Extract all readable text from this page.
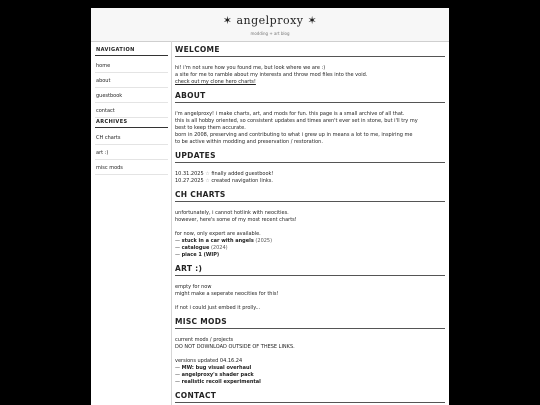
✶ angelproxy ✶
modding + art blog
NAVIGATION
home
about
guestbook
contact
ARCHIVES
CH charts
art :)
misc mods
WELCOME

hi! i'm not sure how you found me, but look where we are :)

a site for me to ramble about my interests and throw mod files into the void.

check out my clone hero charts!

ABOUT

i'm angelproxy! i make charts, art, and mods for fun. this page is a small archive of all that.

this is all hobby oriented, so consistent updates and times aren't ever set in stone, but i'll try my

best to keep them accurate.

born in 2008, preserving and contributing to what i grew up in means a lot to me, inspiring me

to be active within modding and preservation / restoration.

UPDATES

10.31.2025 ☆ finally added guestbook!

10.27.2025 ☆ created navigation links.

CH CHARTS

unfortunately, i cannot hotlink with neocities.

however, here's some of my most recent charts!

for now, only expert are available.

— stuck in a car with angels (2025)

— catalogue (2024)

— piace 1 (WIP)

ART :)

empty for now

might make a seperate neocities for this!

if not i could just embed it prolly...

MISC MODS

current mods / projects

DO NOT DOWNLOAD OUTSIDE OF THESE LINKS.

versions updated 04.16.24

— MW: bug visual overhaul

— angelproxy's shader pack

— realistic recoil experimental

CONTACT
